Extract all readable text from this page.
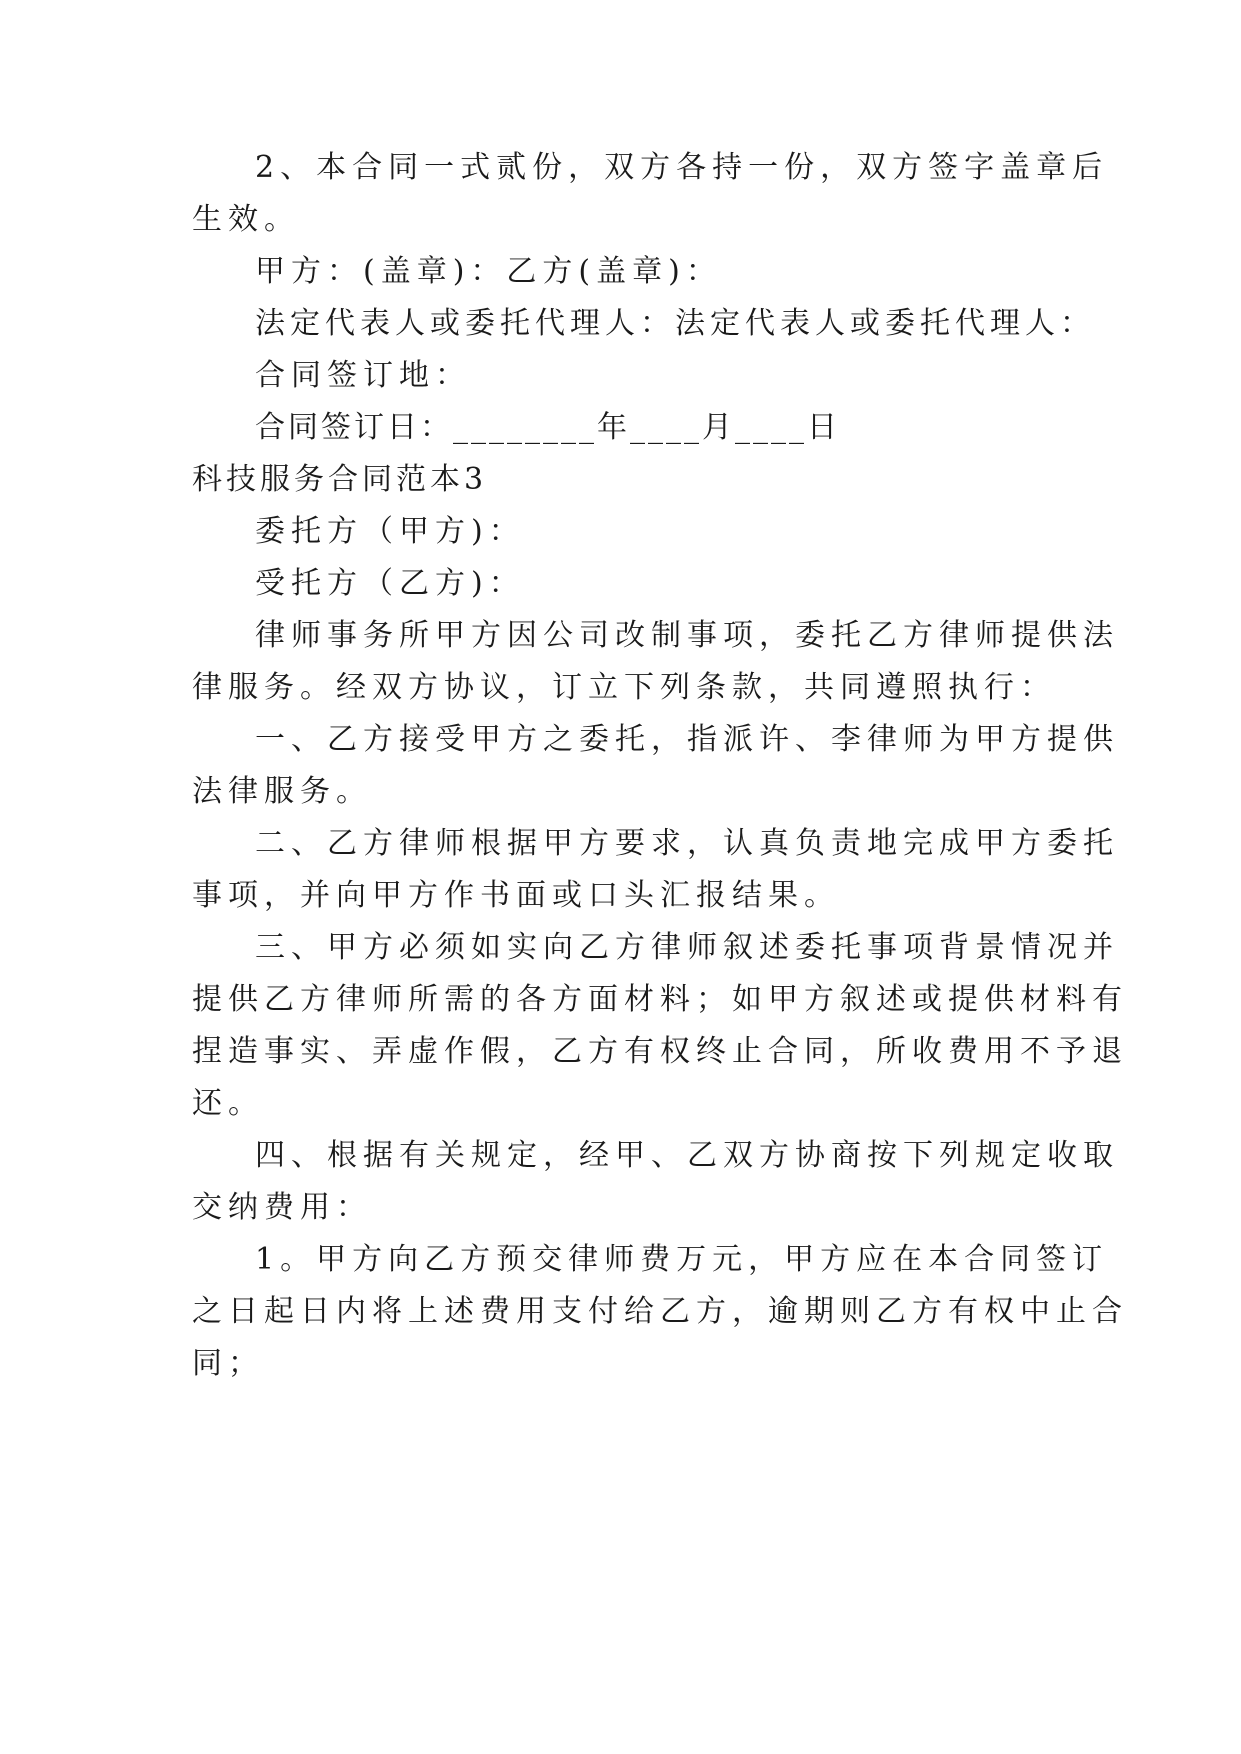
2、本合同一式贰份，双方各持一份，双方签字盖章后
生效。
甲方：(盖章)：乙方(盖章)：
法定代表人或委托代理人：法定代表人或委托代理人：
合同签订地：
合同签订日：________年____月____日
科技服务合同范本3
委托方（甲方)：
受托方（乙方)：
律师事务所甲方因公司改制事项，委托乙方律师提供法
律服务。经双方协议，订立下列条款，共同遵照执行：
一、乙方接受甲方之委托，指派许、李律师为甲方提供
法律服务。
二、乙方律师根据甲方要求，认真负责地完成甲方委托
事项，并向甲方作书面或口头汇报结果。
三、甲方必须如实向乙方律师叙述委托事项背景情况并
提供乙方律师所需的各方面材料；如甲方叙述或提供材料有
捏造事实、弄虚作假，乙方有权终止合同，所收费用不予退
还。
四、根据有关规定，经甲、乙双方协商按下列规定收取
交纳费用：
1。甲方向乙方预交律师费万元，甲方应在本合同签订
之日起日内将上述费用支付给乙方，逾期则乙方有权中止合
同；
